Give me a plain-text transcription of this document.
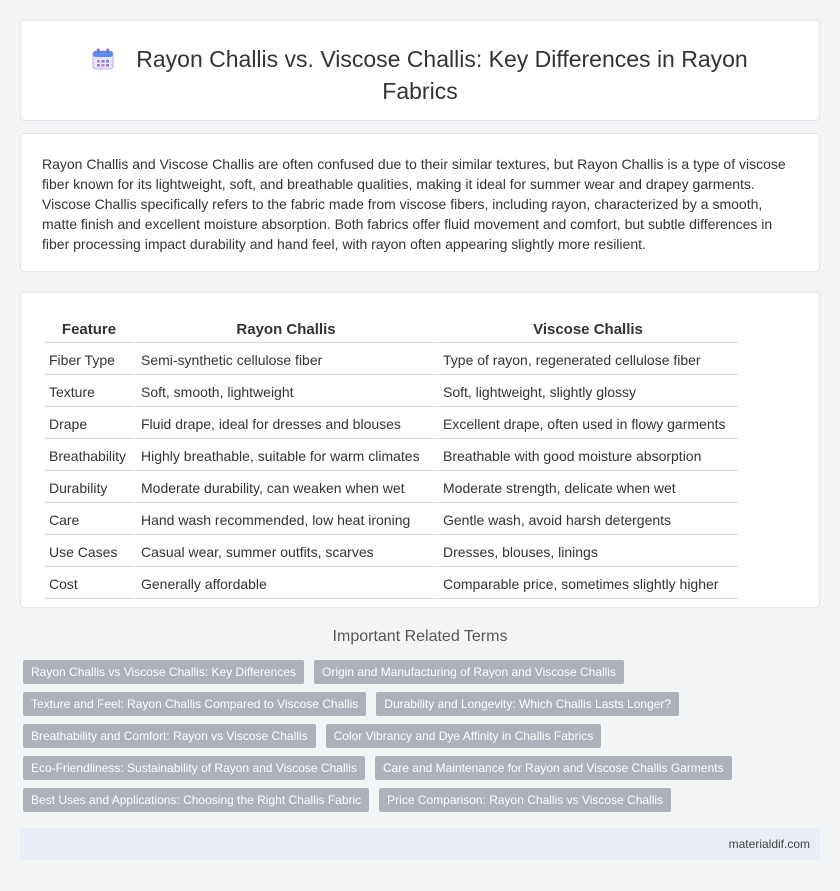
Rayon Challis vs. Viscose Challis: Key Differences in Rayon
Fabrics

Rayon Challis and Viscose Challis are often confused due to their similar textures, but Rayon Challis is a type of viscose fiber known for its lightweight, soft, and breathable qualities, making it ideal for summer wear and drapey garments. Viscose Challis specifically refers to the fabric made from viscose fibers, including rayon, characterized by a smooth, matte finish and excellent moisture absorption. Both fabrics offer fluid movement and comfort, but subtle differences in fiber processing impact durability and hand feel, with rayon often appearing slightly more resilient.

Feature	Rayon Challis	Viscose Challis
Fiber Type	Semi-synthetic cellulose fiber	Type of rayon, regenerated cellulose fiber
Texture	Soft, smooth, lightweight	Soft, lightweight, slightly glossy
Drape	Fluid drape, ideal for dresses and blouses	Excellent drape, often used in flowy garments
Breathability	Highly breathable, suitable for warm climates	Breathable with good moisture absorption
Durability	Moderate durability, can weaken when wet	Moderate strength, delicate when wet
Care	Hand wash recommended, low heat ironing	Gentle wash, avoid harsh detergents
Use Cases	Casual wear, summer outfits, scarves	Dresses, blouses, linings
Cost	Generally affordable	Comparable price, sometimes slightly higher
Important Related Terms
Rayon Challis vs Viscose Challis: Key Differences Origin and Manufacturing of Rayon and Viscose Challis
Texture and Feel: Rayon Challis Compared to Viscose Challis Durability and Longevity: Which Challis Lasts Longer?
Breathability and Comfort: Rayon vs Viscose Challis Color Vibrancy and Dye Affinity in Challis Fabrics
Eco-Friendliness: Sustainability of Rayon and Viscose Challis Care and Maintenance for Rayon and Viscose Challis Garments
Best Uses and Applications: Choosing the Right Challis Fabric Price Comparison: Rayon Challis vs Viscose Challis
materialdif.com
